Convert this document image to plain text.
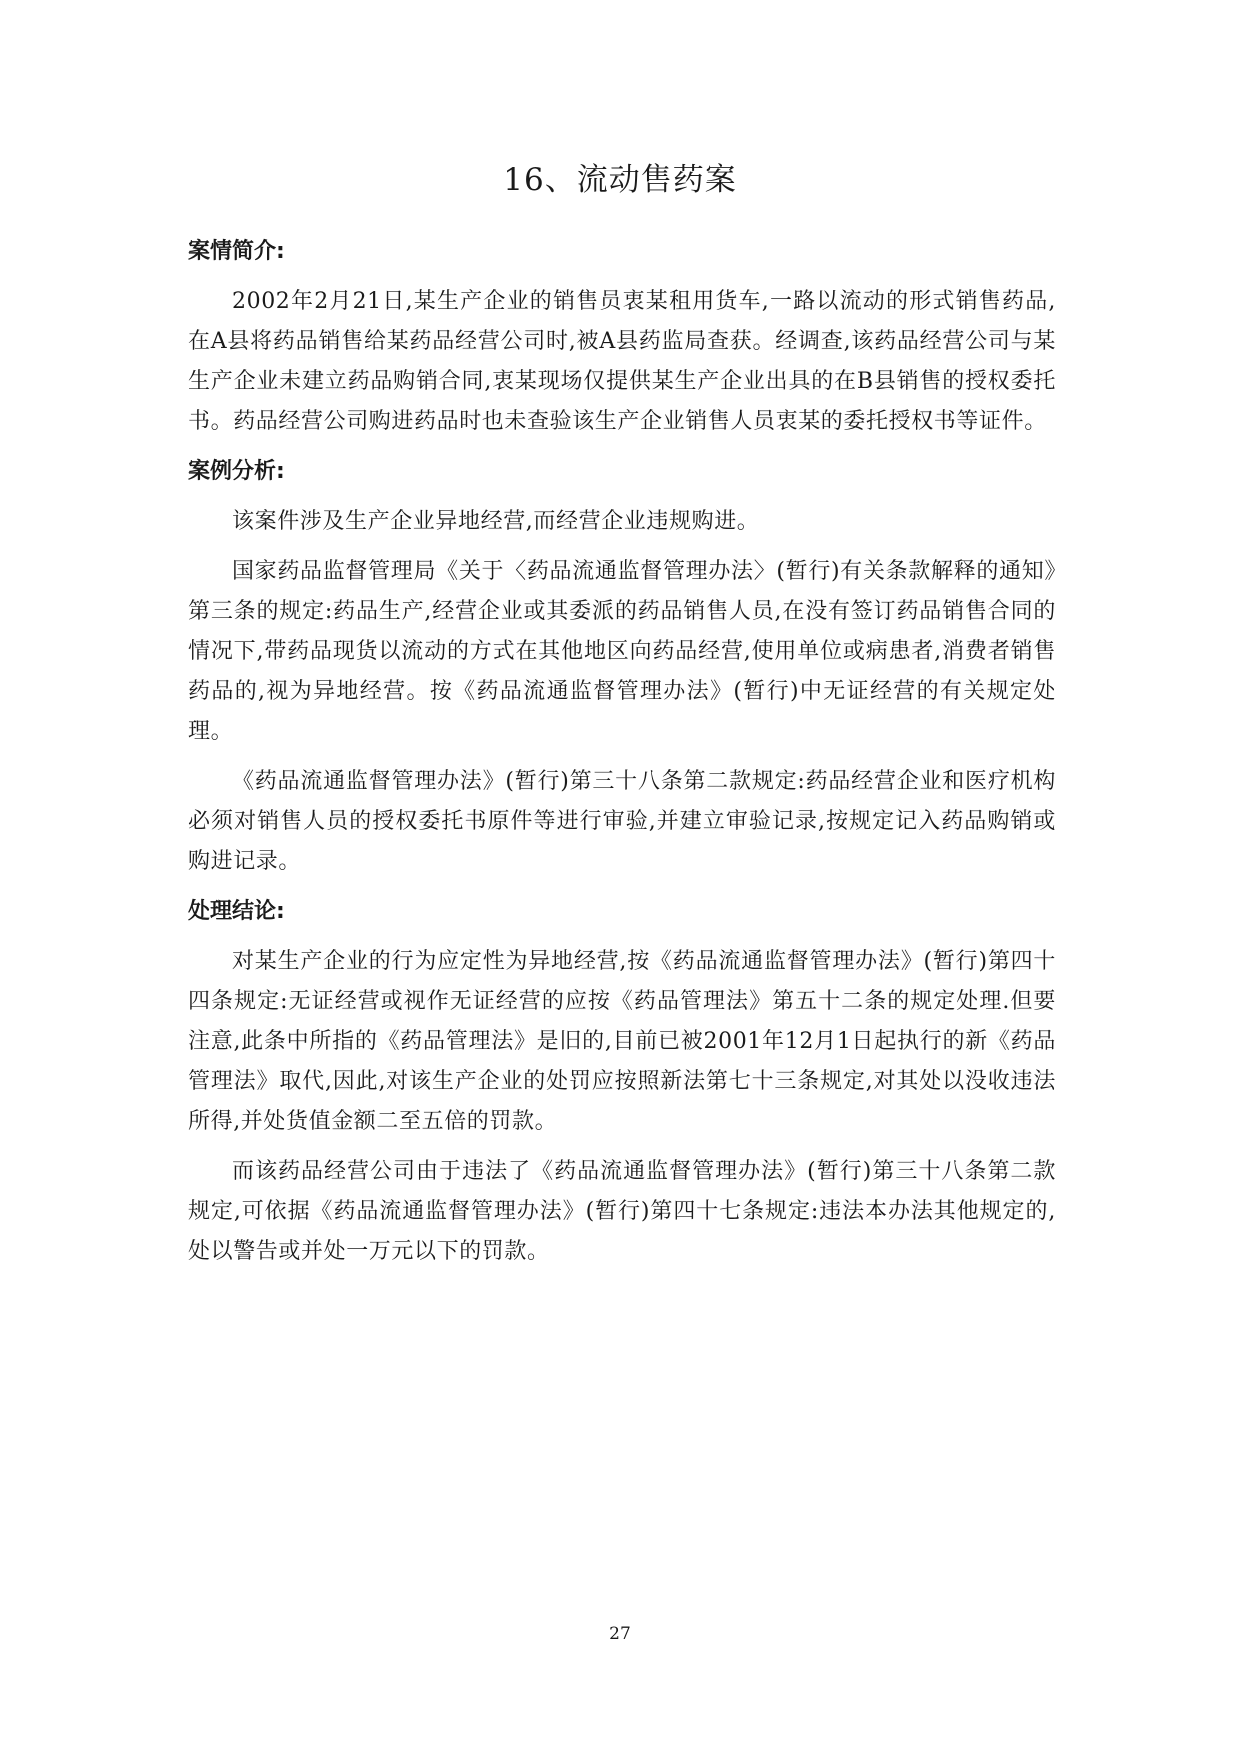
16、流动售药案
案情简介:

2002年2月21日,某生产企业的销售员衷某租用货车,一路以流动的形式销售药品,在A县将药品销售给某药品经营公司时,被A县药监局查获。经调查,该药品经营公司与某生产企业未建立药品购销合同,衷某现场仅提供某生产企业出具的在B县销售的授权委托书。药品经营公司购进药品时也未查验该生产企业销售人员衷某的委托授权书等证件。

案例分析:

该案件涉及生产企业异地经营,而经营企业违规购进。

国家药品监督管理局《关于〈药品流通监督管理办法〉(暂行)有关条款解释的通知》第三条的规定:药品生产,经营企业或其委派的药品销售人员,在没有签订药品销售合同的情况下,带药品现货以流动的方式在其他地区向药品经营,使用单位或病患者,消费者销售药品的,视为异地经营。按《药品流通监督管理办法》(暂行)中无证经营的有关规定处理。

《药品流通监督管理办法》(暂行)第三十八条第二款规定:药品经营企业和医疗机构必须对销售人员的授权委托书原件等进行审验,并建立审验记录,按规定记入药品购销或购进记录。

处理结论:

对某生产企业的行为应定性为异地经营,按《药品流通监督管理办法》(暂行)第四十四条规定:无证经营或视作无证经营的应按《药品管理法》第五十二条的规定处理.但要注意,此条中所指的《药品管理法》是旧的,目前已被2001年12月1日起执行的新《药品管理法》取代,因此,对该生产企业的处罚应按照新法第七十三条规定,对其处以没收违法所得,并处货值金额二至五倍的罚款。

而该药品经营公司由于违法了《药品流通监督管理办法》(暂行)第三十八条第二款规定,可依据《药品流通监督管理办法》(暂行)第四十七条规定:违法本办法其他规定的,处以警告或并处一万元以下的罚款。

27
